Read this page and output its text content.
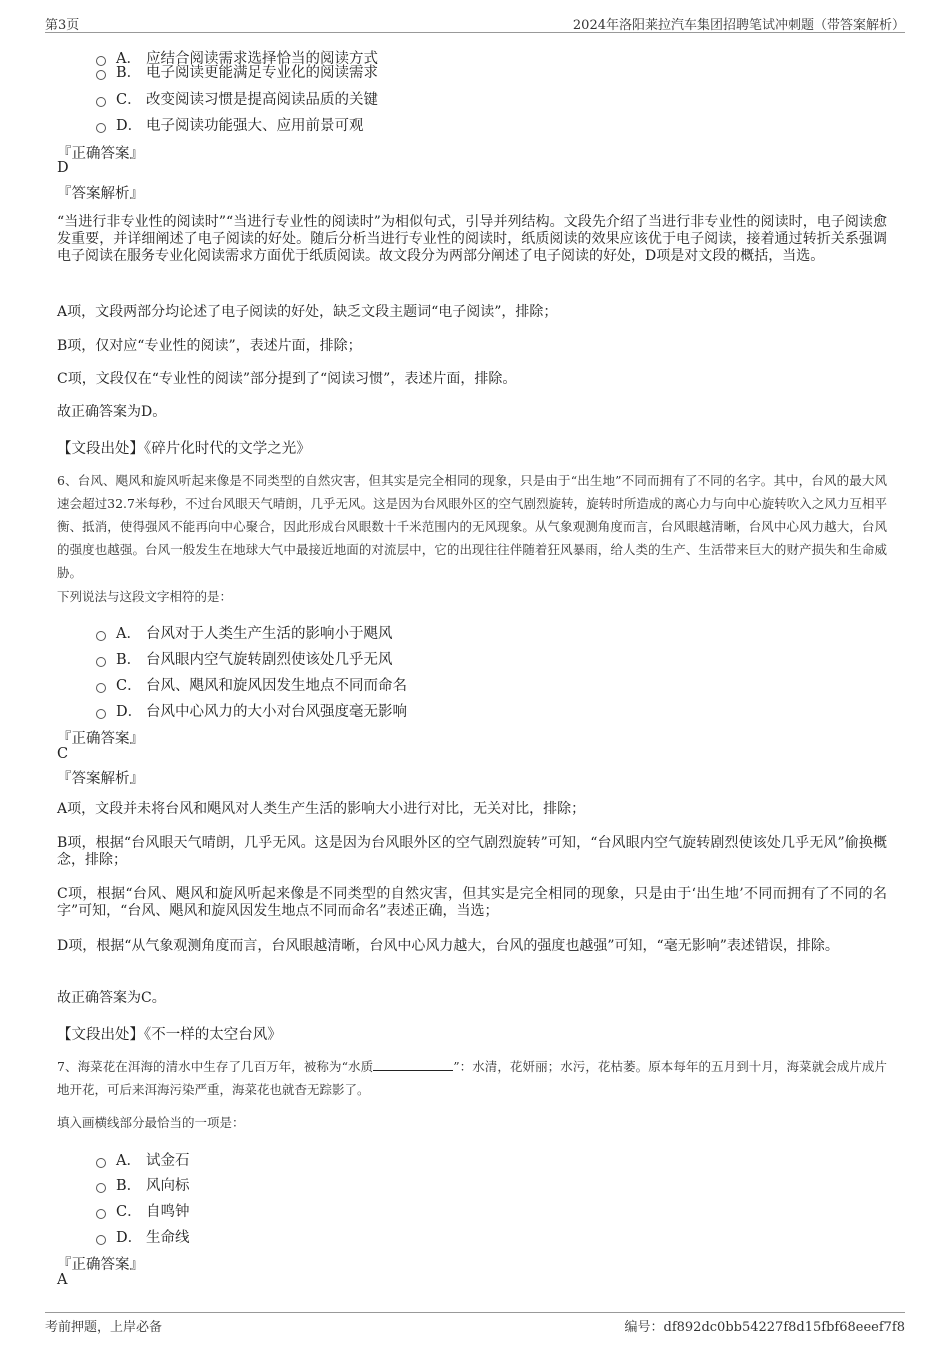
第3页	2024年洛阳莱拉汽车集团招聘笔试冲刺题（带答案解析）
A． 应结合阅读需求选择恰当的阅读方式
B． 电子阅读更能满足专业化的阅读需求
C． 改变阅读习惯是提高阅读品质的关键
D． 电子阅读功能强大、应用前景可观
『正确答案』
D
『答案解析』
“当进行非专业性的阅读时”“当进行专业性的阅读时”为相似句式，引导并列结构。文段先介绍了当进行非专业性的阅读时，电子阅读愈发重要，并详细阐述了电子阅读的好处。随后分析当进行专业性的阅读时，纸质阅读的效果应该优于电子阅读，接着通过转折关系强调电子阅读在服务专业化阅读需求方面优于纸质阅读。故文段分为两部分阐述了电子阅读的好处，D项是对文段的概括，当选。
A项，文段两部分均论述了电子阅读的好处，缺乏文段主题词“电子阅读”，排除；
B项，仅对应“专业性的阅读”，表述片面，排除；
C项，文段仅在“专业性的阅读”部分提到了“阅读习惯”，表述片面，排除。
故正确答案为D。
【文段出处】《碎片化时代的文学之光》
6、台风、飓风和旋风听起来像是不同类型的自然灾害，但其实是完全相同的现象，只是由于“出生地”不同而拥有了不同的名字。其中，台风的最大风速会超过32.7米每秒，不过台风眼天气晴朗，几乎无风。这是因为台风眼外区的空气剧烈旋转，旋转时所造成的离心力与向中心旋转吹入之风力互相平衡、抵消，使得强风不能再向中心聚合，因此形成台风眼数十千米范围内的无风现象。从气象观测角度而言，台风眼越清晰，台风中心风力越大，台风的强度也越强。台风一般发生在地球大气中最接近地面的对流层中，它的出现往往伴随着狂风暴雨，给人类的生产、生活带来巨大的财产损失和生命威胁。
下列说法与这段文字相符的是：
A． 台风对于人类生产生活的影响小于飓风
B． 台风眼内空气旋转剧烈使该处几乎无风
C． 台风、飓风和旋风因发生地点不同而命名
D． 台风中心风力的大小对台风强度毫无影响
『正确答案』
C
『答案解析』
A项，文段并未将台风和飓风对人类生产生活的影响大小进行对比，无关对比，排除；
B项，根据“台风眼天气晴朗，几乎无风。这是因为台风眼外区的空气剧烈旋转”可知，“台风眼内空气旋转剧烈使该处几乎无风”偷换概念，排除；
C项，根据“台风、飓风和旋风听起来像是不同类型的自然灾害，但其实是完全相同的现象，只是由于‘出生地’不同而拥有了不同的名字”可知，“台风、飓风和旋风因发生地点不同而命名”表述正确，当选；
D项，根据“从气象观测角度而言，台风眼越清晰，台风中心风力越大，台风的强度也越强”可知，“毫无影响”表述错误，排除。
故正确答案为C。
【文段出处】《不一样的太空台风》
7、海菜花在洱海的清水中生存了几百万年，被称为“水质	”：水清，花妍丽；水污，花枯萎。原本每年的五月到十月，海菜就会成片成片地开花，可后来洱海污染严重，海菜花也就杳无踪影了。
填入画横线部分最恰当的一项是：
A． 试金石
B． 风向标
C． 自鸣钟
D． 生命线
『正确答案』
A
考前押题，上岸必备	编号：df892dc0bb54227f8d15fbf68eeef7f8
